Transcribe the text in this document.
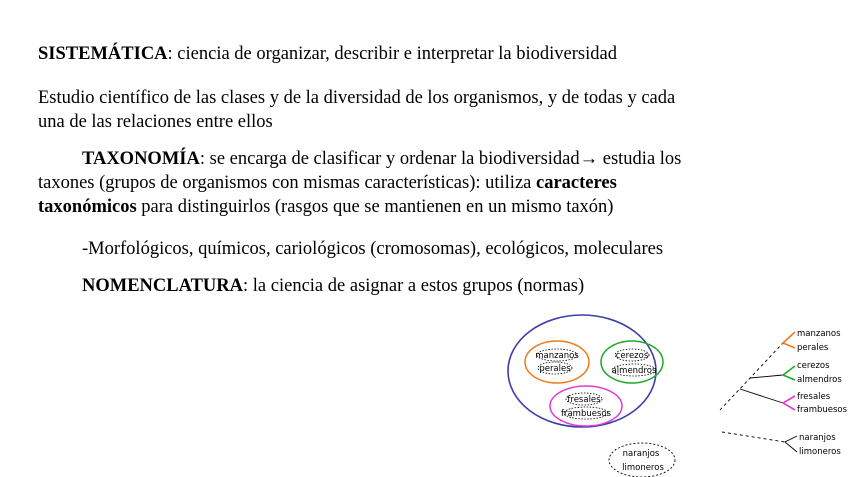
SISTEMÁTICA: ciencia de organizar, describir e interpretar la biodiversidad
Estudio científico de las clases y de la diversidad de los organismos, y de todas y cada
una de las relaciones entre ellos
TAXONOMÍA: se encarga de clasificar y ordenar la biodiversidad→ estudia los
taxones (grupos de organismos con mismas características): utiliza caracteres
taxonómicos para distinguirlos (rasgos que se mantienen en un mismo taxón)
-Morfológicos, químicos, cariológicos (cromosomas), ecológicos, moleculares
NOMENCLATURA: la ciencia de asignar a estos grupos (normas)
manzanos
perales
cerezos
almendros
fresales
frambuesos
naranjos
limoneros
manzanos
perales
cerezos
almendros
fresales
frambuesos
naranjos
limoneros
